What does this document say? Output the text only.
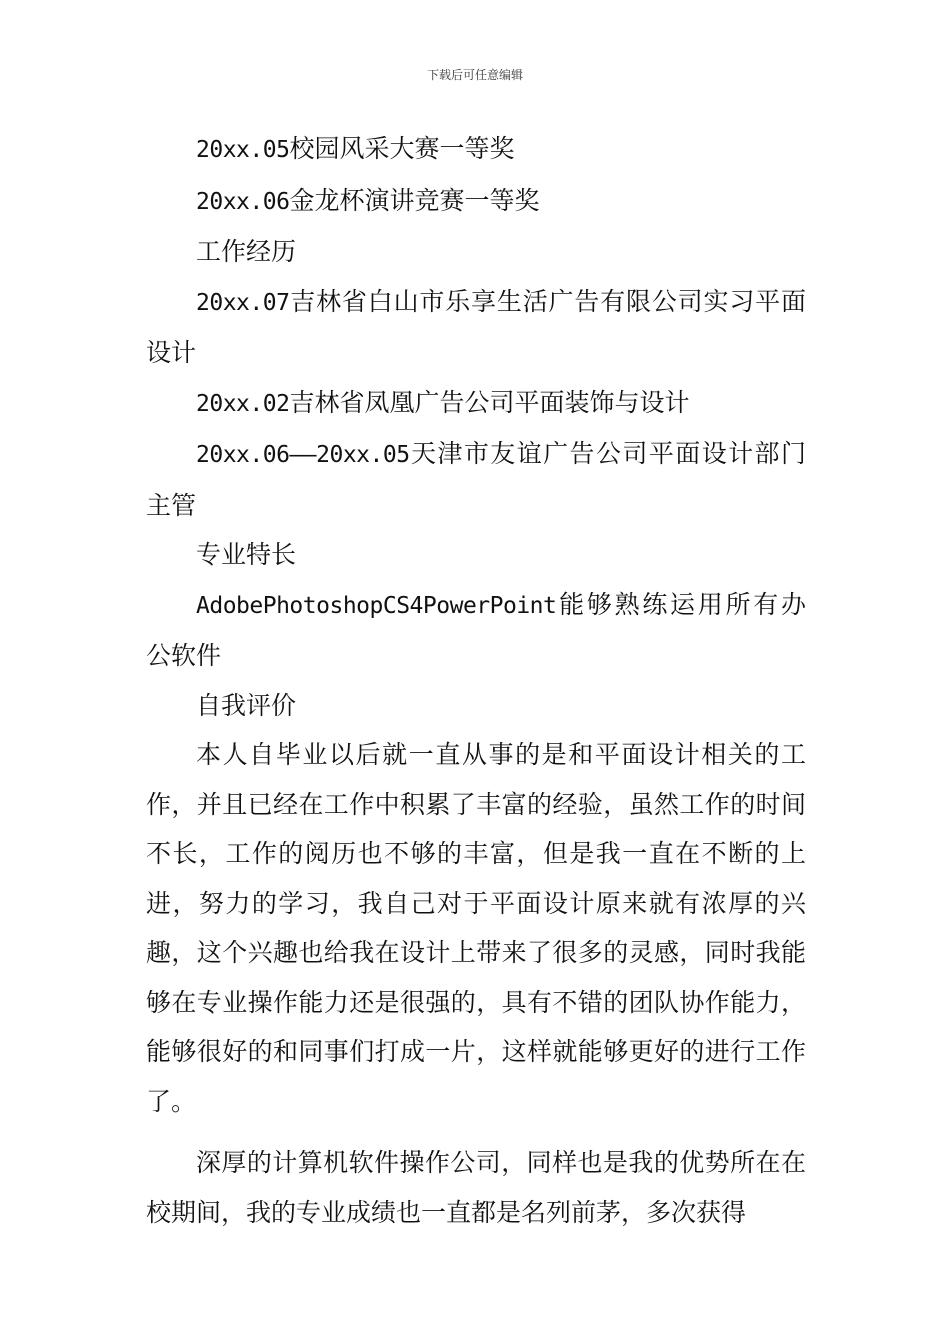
下载后可任意编辑

20xx.05校园风采大赛一等奖

20xx.06金龙杯演讲竞赛一等奖

工作经历

20xx.07吉林省白山市乐享生活广告有限公司实习平面设计

20xx.02吉林省凤凰广告公司平面装饰与设计

20xx.06——20xx.05天津市友谊广告公司平面设计部门主管

专业特长

AdobePhotoshopCS4PowerPoint能够熟练运用所有办公软件

自我评价

本人自毕业以后就一直从事的是和平面设计相关的工作，并且已经在工作中积累了丰富的经验，虽然工作的时间不长，工作的阅历也不够的丰富，但是我一直在不断的上进，努力的学习，我自己对于平面设计原来就有浓厚的兴趣，这个兴趣也给我在设计上带来了很多的灵感，同时我能够在专业操作能力还是很强的，具有不错的团队协作能力，能够很好的和同事们打成一片，这样就能够更好的进行工作了。

深厚的计算机软件操作公司，同样也是我的优势所在在校期间，我的专业成绩也一直都是名列前茅，多次获得
